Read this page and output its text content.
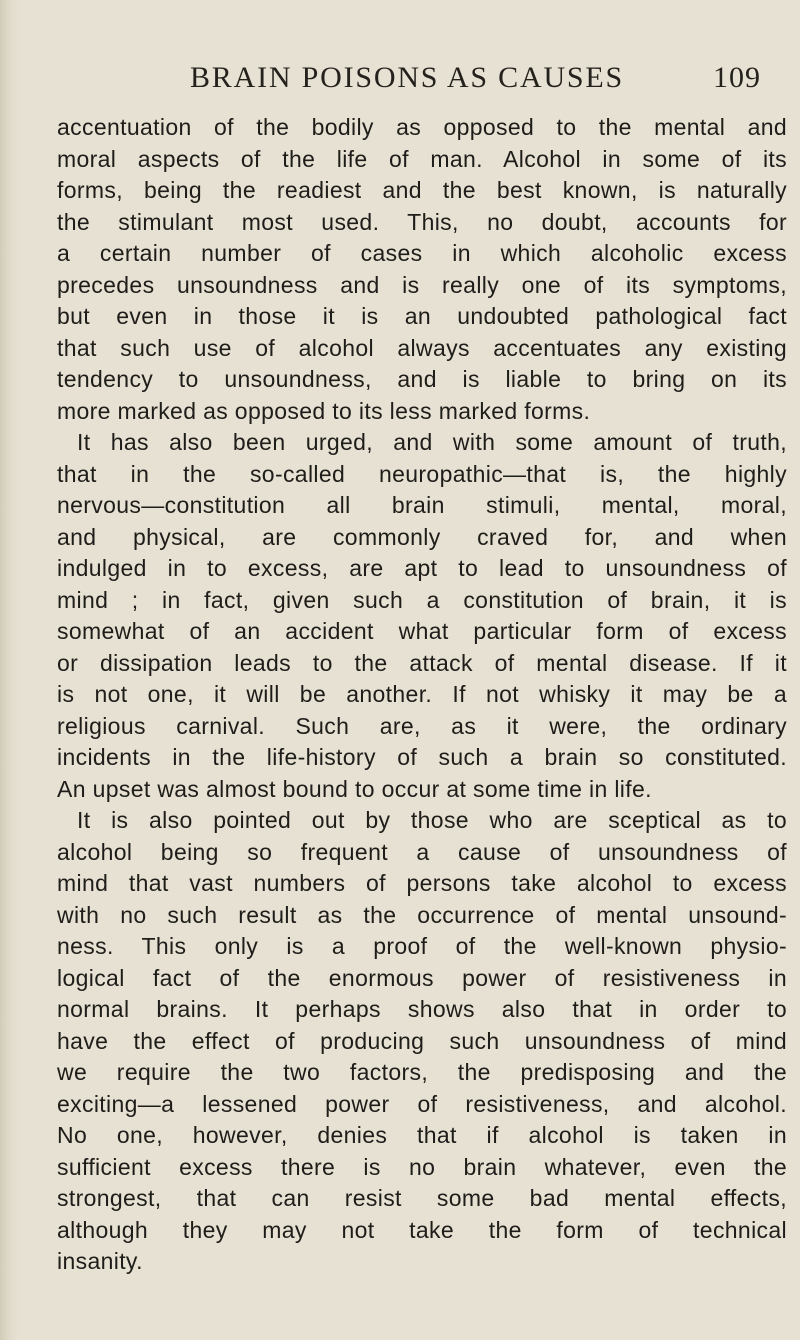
BRAIN POISONS AS CAUSES	109
accentuation of the bodily as opposed to the mental and
moral aspects of the life of man. Alcohol in some of its
forms, being the readiest and the best known, is naturally
the stimulant most used. This, no doubt, accounts for
a certain number of cases in which alcoholic excess
precedes unsoundness and is really one of its symptoms,
but even in those it is an undoubted pathological fact
that such use of alcohol always accentuates any existing
tendency to unsoundness, and is liable to bring on its
more marked as opposed to its less marked forms.
It has also been urged, and with some amount of truth,
that in the so-called neuropathic—that is, the highly
nervous—constitution all brain stimuli, mental, moral,
and physical, are commonly craved for, and when
indulged in to excess, are apt to lead to unsoundness of
mind ; in fact, given such a constitution of brain, it is
somewhat of an accident what particular form of excess
or dissipation leads to the attack of mental disease. If it
is not one, it will be another. If not whisky it may be a
religious carnival. Such are, as it were, the ordinary
incidents in the life-history of such a brain so constituted.
An upset was almost bound to occur at some time in life.
It is also pointed out by those who are sceptical as to
alcohol being so frequent a cause of unsoundness of
mind that vast numbers of persons take alcohol to excess
with no such result as the occurrence of mental unsound-
ness. This only is a proof of the well-known physio-
logical fact of the enormous power of resistiveness in
normal brains. It perhaps shows also that in order to
have the effect of producing such unsoundness of mind
we require the two factors, the predisposing and the
exciting—a lessened power of resistiveness, and alcohol.
No one, however, denies that if alcohol is taken in
sufficient excess there is no brain whatever, even the
strongest, that can resist some bad mental effects,
although they may not take the form of technical
insanity.
